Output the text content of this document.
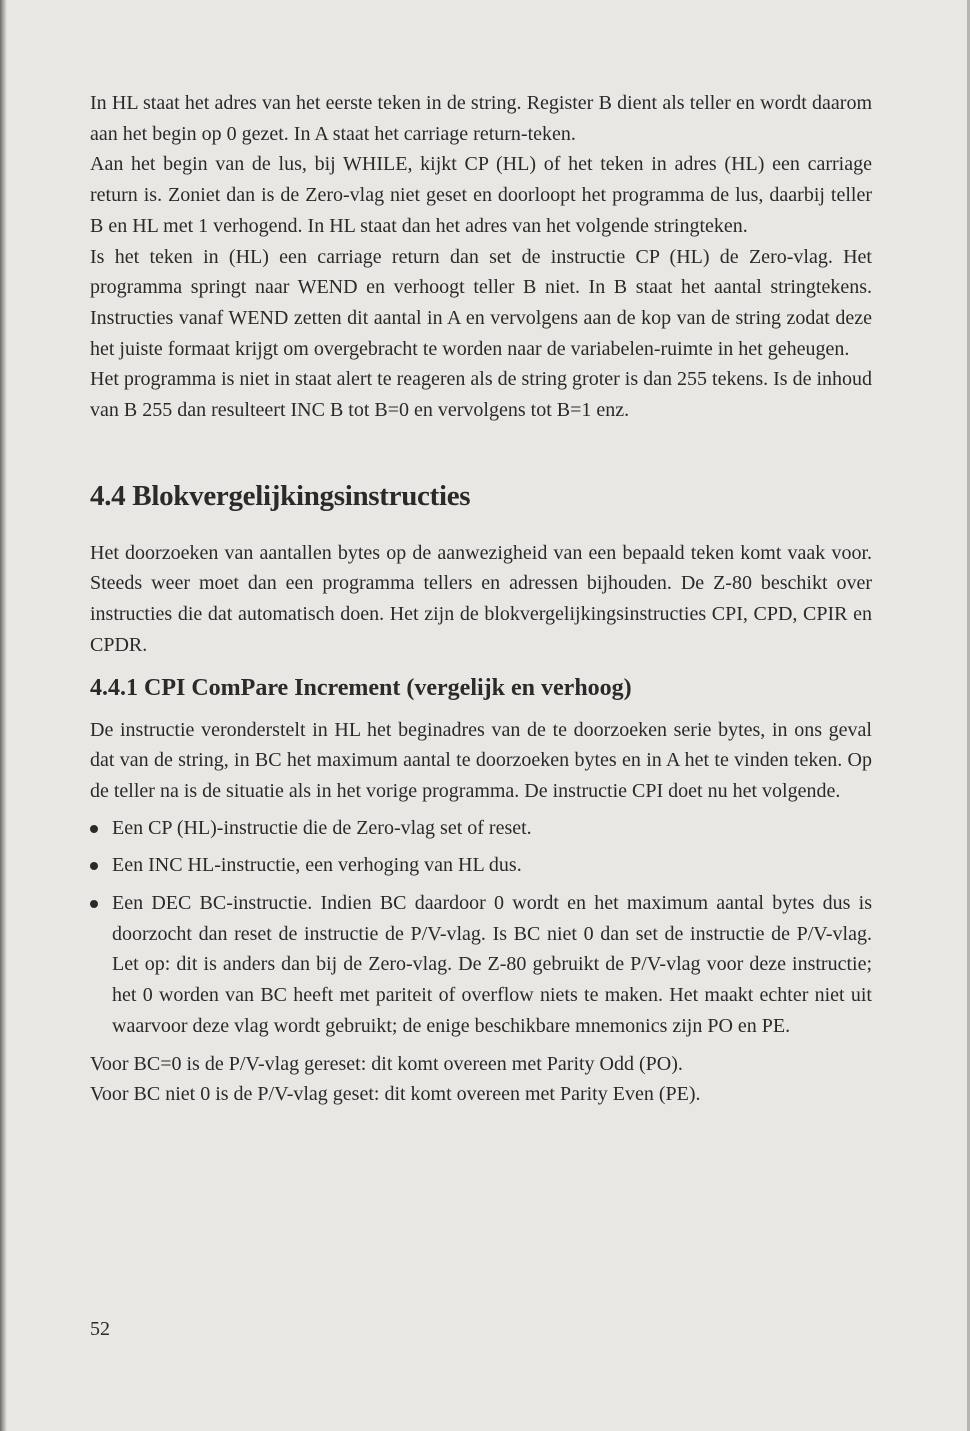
In HL staat het adres van het eerste teken in de string. Register B dient als teller en wordt daarom aan het begin op 0 gezet. In A staat het carriage return-teken.

Aan het begin van de lus, bij WHILE, kijkt CP (HL) of het teken in adres (HL) een carriage return is. Zoniet dan is de Zero-vlag niet geset en doorloopt het programma de lus, daarbij teller B en HL met 1 verhogend. In HL staat dan het adres van het volgende stringteken.

Is het teken in (HL) een carriage return dan set de instructie CP (HL) de Zero-vlag. Het programma springt naar WEND en verhoogt teller B niet. In B staat het aantal stringtekens. Instructies vanaf WEND zetten dit aantal in A en vervolgens aan de kop van de string zodat deze het juiste formaat krijgt om overgebracht te worden naar de variabelen-ruimte in het geheugen.

Het programma is niet in staat alert te reageren als de string groter is dan 255 tekens. Is de inhoud van B 255 dan resulteert INC B tot B=0 en vervolgens tot B=1 enz.

4.4 Blokvergelijkingsinstructies

Het doorzoeken van aantallen bytes op de aanwezigheid van een bepaald teken komt vaak voor. Steeds weer moet dan een programma tellers en adressen bijhouden. De Z-80 beschikt over instructies die dat automatisch doen. Het zijn de blokvergelijkingsinstructies CPI, CPD, CPIR en CPDR.

4.4.1 CPI ComPare Increment (vergelijk en verhoog)

De instructie veronderstelt in HL het beginadres van de te doorzoeken serie bytes, in ons geval dat van de string, in BC het maximum aantal te doorzoeken bytes en in A het te vinden teken. Op de teller na is de situatie als in het vorige programma. De instructie CPI doet nu het volgende.

Een CP (HL)-instructie die de Zero-vlag set of reset.
Een INC HL-instructie, een verhoging van HL dus.
Een DEC BC-instructie. Indien BC daardoor 0 wordt en het maximum aantal bytes dus is doorzocht dan reset de instructie de P/V-vlag. Is BC niet 0 dan set de instructie de P/V-vlag. Let op: dit is anders dan bij de Zero-vlag. De Z-80 gebruikt de P/V-vlag voor deze instructie; het 0 worden van BC heeft met pariteit of overflow niets te maken. Het maakt echter niet uit waarvoor deze vlag wordt gebruikt; de enige beschikbare mnemonics zijn PO en PE.

Voor BC=0 is de P/V-vlag gereset: dit komt overeen met Parity Odd (PO).

Voor BC niet 0 is de P/V-vlag geset: dit komt overeen met Parity Even (PE).

52
